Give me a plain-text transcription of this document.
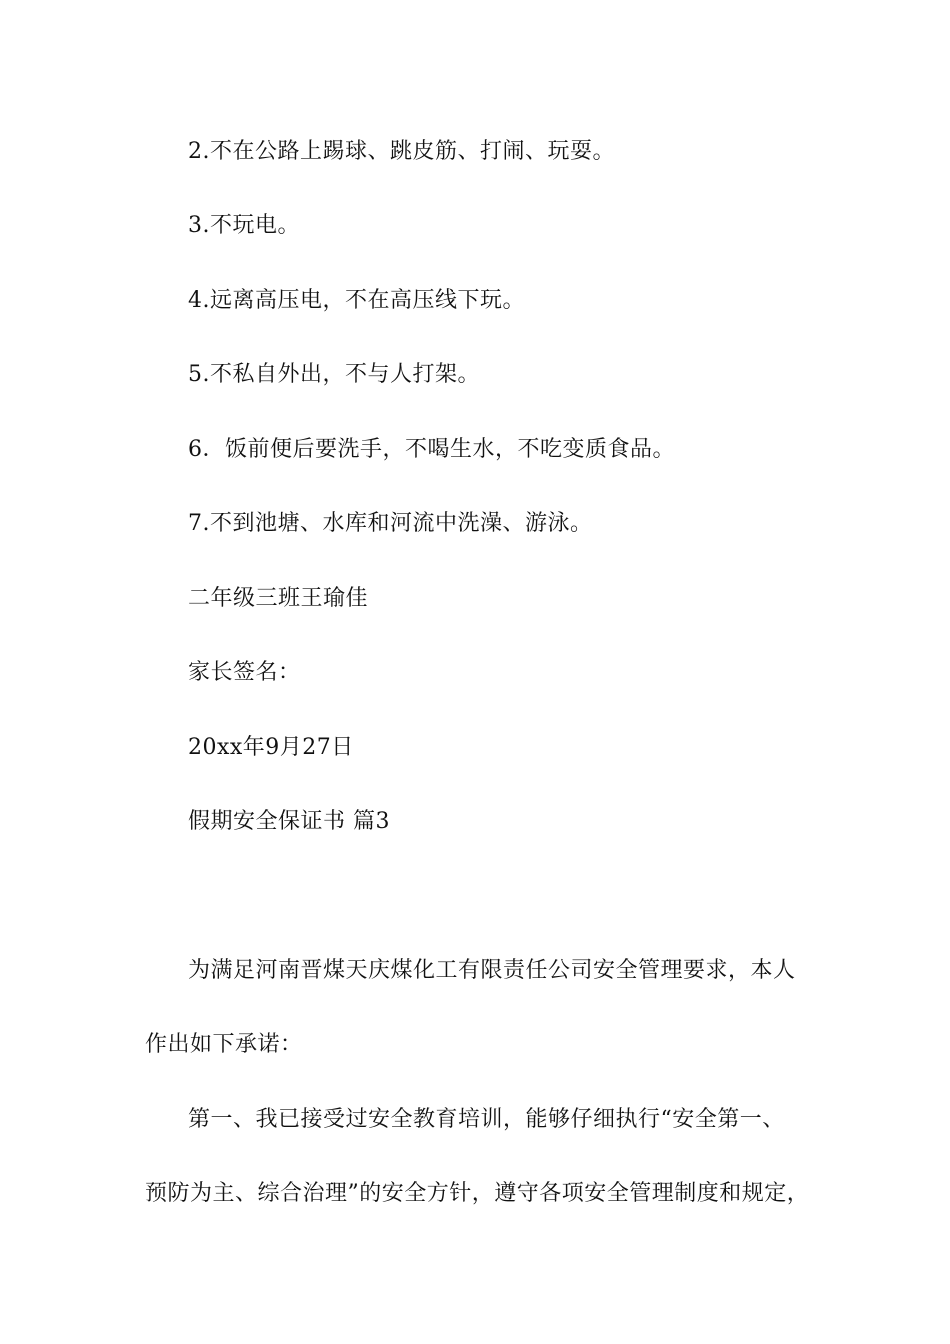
2.不在公路上踢球、跳皮筋、打闹、玩耍。
3.不玩电。
4.远离高压电，不在高压线下玩。
5.不私自外出，不与人打架。
6．饭前便后要洗手，不喝生水，不吃变质食品。
7.不到池塘、水库和河流中洗澡、游泳。
二年级三班王瑜佳
家长签名：
20xx年9月27日
假期安全保证书 篇3
为满足河南晋煤天庆煤化工有限责任公司安全管理要求，本人
作出如下承诺：
第一、我已接受过安全教育培训，能够仔细执行“安全第一、
预防为主、综合治理”的安全方针，遵守各项安全管理制度和规定，
